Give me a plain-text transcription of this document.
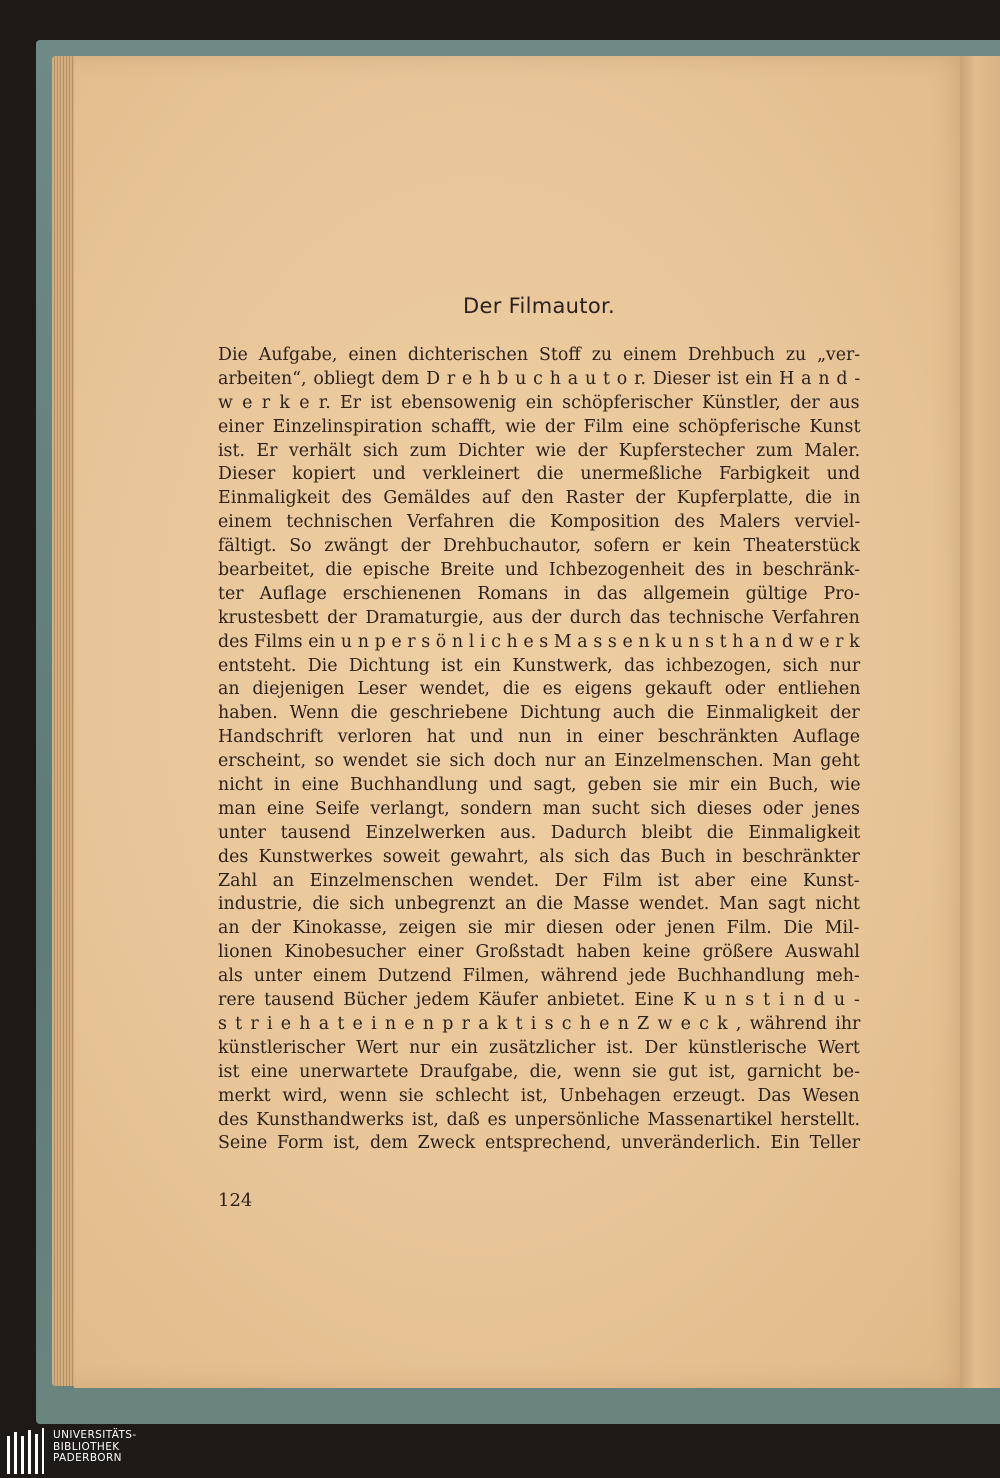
Der Filmautor.
Die Aufgabe, einen dichterischen Stoff zu einem Drehbuch zu „ver-
arbeiten“, obliegt dem D r e h b u c h a u t o r. Dieser ist ein H a n d -
w e r k e r. Er ist ebensowenig ein schöpferischer Künstler, der aus
einer Einzelinspiration schafft, wie der Film eine schöpferische Kunst
ist. Er verhält sich zum Dichter wie der Kupferstecher zum Maler.
Dieser kopiert und verkleinert die unermeßliche Farbigkeit und
Einmaligkeit des Gemäldes auf den Raster der Kupferplatte, die in
einem technischen Verfahren die Komposition des Malers verviel-
fältigt. So zwängt der Drehbuchautor, sofern er kein Theaterstück
bearbeitet, die epische Breite und Ichbezogenheit des in beschränk-
ter Auflage erschienenen Romans in das allgemein gültige Pro-
krustesbett der Dramaturgie, aus der durch das technische Verfahren
des Films ein u n p e r s ö n l i c h e s M a s s e n k u n s t h a n d w e r k
entsteht. Die Dichtung ist ein Kunstwerk, das ichbezogen, sich nur
an diejenigen Leser wendet, die es eigens gekauft oder entliehen
haben. Wenn die geschriebene Dichtung auch die Einmaligkeit der
Handschrift verloren hat und nun in einer beschränkten Auflage
erscheint, so wendet sie sich doch nur an Einzelmenschen. Man geht
nicht in eine Buchhandlung und sagt, geben sie mir ein Buch, wie
man eine Seife verlangt, sondern man sucht sich dieses oder jenes
unter tausend Einzelwerken aus. Dadurch bleibt die Einmaligkeit
des Kunstwerkes soweit gewahrt, als sich das Buch in beschränkter
Zahl an Einzelmenschen wendet. Der Film ist aber eine Kunst-
industrie, die sich unbegrenzt an die Masse wendet. Man sagt nicht
an der Kinokasse, zeigen sie mir diesen oder jenen Film. Die Mil-
lionen Kinobesucher einer Großstadt haben keine größere Auswahl
als unter einem Dutzend Filmen, während jede Buchhandlung meh-
rere tausend Bücher jedem Käufer anbietet. Eine K u n s t i n d u -
s t r i e h a t e i n e n p r a k t i s c h e n Z w e c k , während ihr
künstlerischer Wert nur ein zusätzlicher ist. Der künstlerische Wert
ist eine unerwartete Draufgabe, die, wenn sie gut ist, garnicht be-
merkt wird, wenn sie schlecht ist, Unbehagen erzeugt. Das Wesen
des Kunsthandwerks ist, daß es unpersönliche Massenartikel herstellt.
Seine Form ist, dem Zweck entsprechend, unveränderlich. Ein Teller
124
UNIVERSITÄTS-
BIBLIOTHEK
PADERBORN
